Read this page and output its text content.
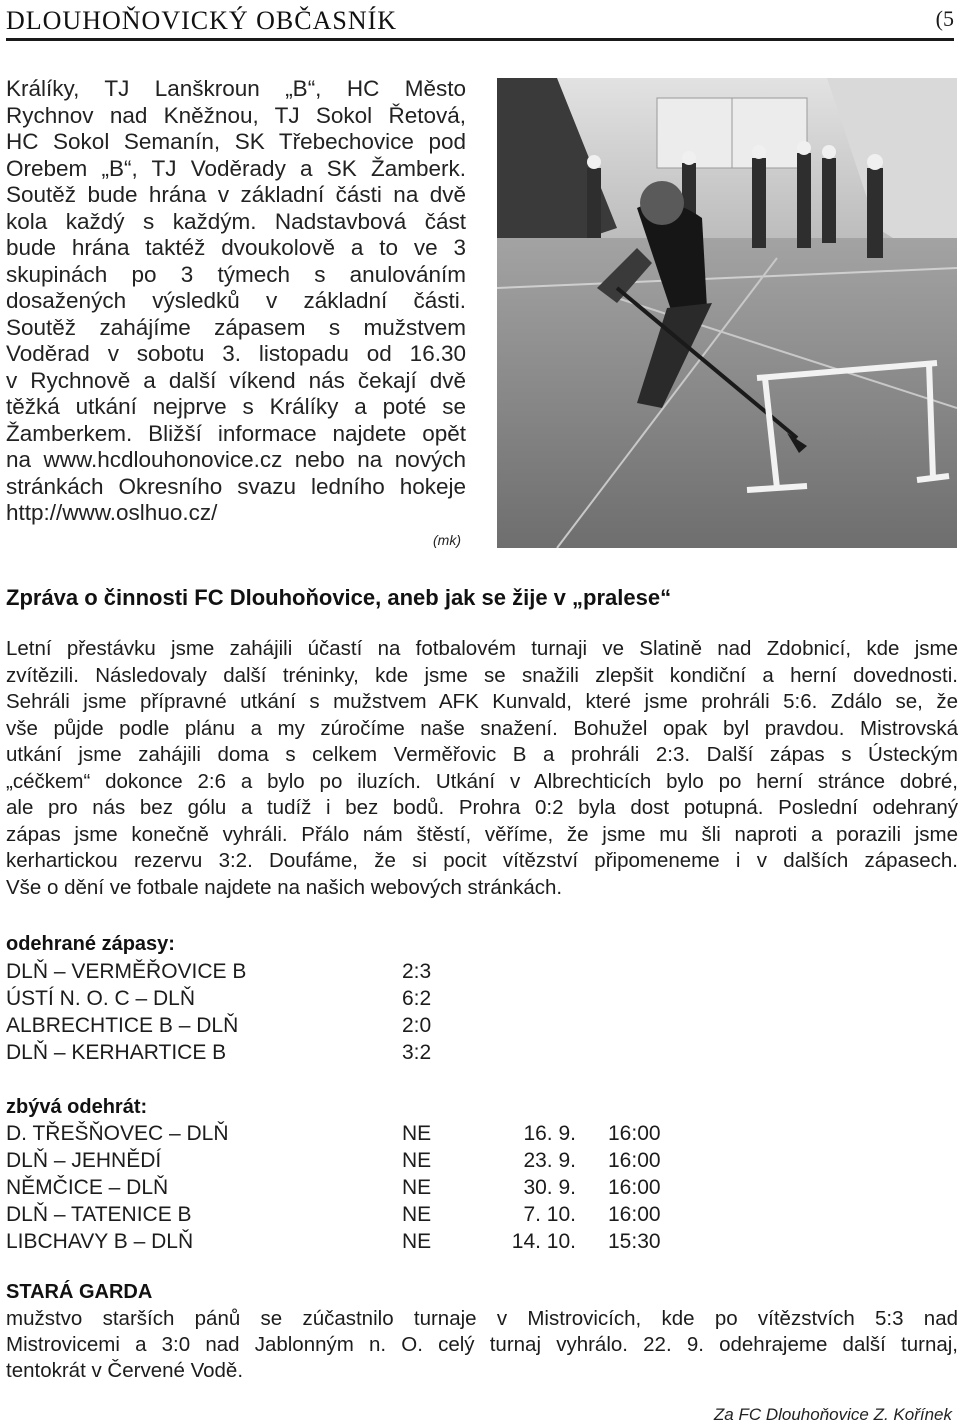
DLOUHOŇOVICKÝ OBČASNÍK	(5
Králíky, TJ Lanškroun „B“, HC Město
Rychnov nad Kněžnou, TJ Sokol Řetová,
HC Sokol Semanín, SK Třebechovice pod
Orebem „B“, TJ Voděrady a SK Žamberk.
Soutěž bude hrána v základní části na dvě
kola každý s každým. Nadstavbová část
bude hrána taktéž dvoukolově a to ve 3
skupinách po 3 týmech s anulováním
dosažených výsledků v základní části.
Soutěž zahájíme zápasem s mužstvem
Voděrad v sobotu 3. listopadu od 16.30
v Rychnově a další víkend nás čekají dvě
těžká utkání nejprve s Králíky a poté se
Žamberkem. Bližší informace najdete opět
na www.hcdlouhonovice.cz nebo na nových
stránkách Okresního svazu ledního hokeje
http://www.oslhuo.cz/
(mk)
Zpráva o činnosti FC Dlouhoňovice, aneb jak se žije v „pralese“
Letní přestávku jsme zahájili účastí na fotbalovém turnaji ve Slatině nad Zdobnicí, kde jsme
zvítězili. Následovaly další tréninky, kde jsme se snažili zlepšit kondiční a herní dovednosti.
Sehráli jsme přípravné utkání s mužstvem AFK Kunvald, které jsme prohráli 5:6. Zdálo se, že
vše půjde podle plánu a my zúročíme naše snažení. Bohužel opak byl pravdou. Mistrovská
utkání jsme zahájili doma s celkem Verměřovic B a prohráli 2:3. Další zápas s Ústeckým
„céčkem“ dokonce 2:6 a bylo po iluzích. Utkání v Albrechticích bylo po herní stránce dobré,
ale pro nás bez gólu a tudíž i bez bodů. Prohra 0:2 byla dost potupná. Poslední odehraný
zápas jsme konečně vyhráli. Přálo nám štěstí, věříme, že jsme mu šli naproti a porazili jsme
kerhartickou rezervu 3:2. Doufáme, že si pocit vítězství připomeneme i v dalších zápasech.
Vše o dění ve fotbale najdete na našich webových stránkách.
odehrané zápasy:
DLŇ – VERMĚŘOVICE B	2:3
ÚSTÍ N. O. C – DLŇ	6:2
ALBRECHTICE B – DLŇ	2:0
DLŇ – KERHARTICE B	3:2
zbývá odehrát:
D. TŘEŠŇOVEC – DLŇ	NE	16. 9. 16:00
DLŇ – JEHNĚDÍ	NE	23. 9. 16:00
NĚMČICE – DLŇ	NE	30. 9. 16:00
DLŇ – TATENICE B	NE	7. 10. 16:00
LIBCHAVY B – DLŇ	NE	14. 10. 15:30
STARÁ GARDA
mužstvo starších pánů se zúčastnilo turnaje v Mistrovicích, kde po vítězstvích 5:3 nad
Mistrovicemi a 3:0 nad Jablonným n. O. celý turnaj vyhrálo. 22. 9. odehrajeme další turnaj,
tentokrát v Červené Vodě.
Za FC Dlouhoňovice Z. Kořínek
